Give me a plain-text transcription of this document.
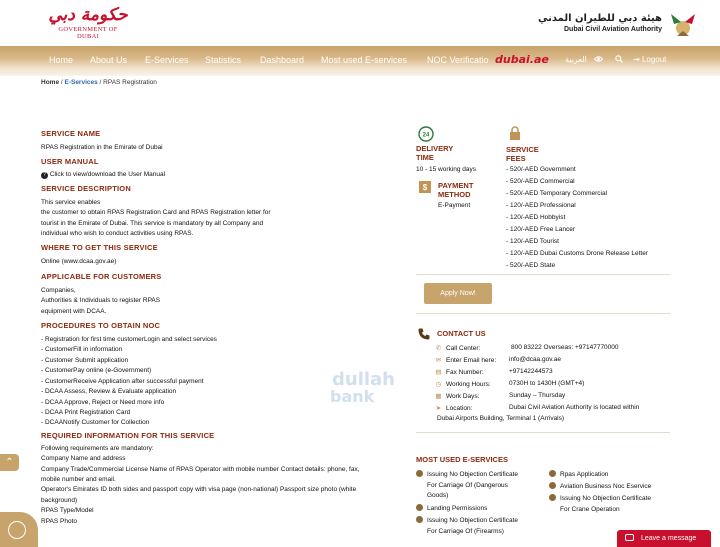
حكومة دبي
GOVERNMENT OF DUBAI
هيئة دبي للطيران المدني
Dubai Civil Aviation Authority
Home About Us E-Services Statistics Dashboard Most used E-services NOC Verificatio dubai.ae العربية	⇥ Logout
Home / E-Services / RPAS Registration
SERVICE NAME
RPAS Registration in the Emirate of Dubai
USER MANUAL
? Click to view/download the User Manual
SERVICE DESCRIPTION
This service enables
the customer to obtain RPAS Registration Card and RPAS Registration letter for
tourist in the Emirate of Dubai. This service is mandatory by all Company and
individual who wish to conduct activities using RPAS.
WHERE TO GET THIS SERVICE
Online (www.dcaa.gov.ae)
APPLICABLE FOR CUSTOMERS
Companies,
Authorities & Individuals to register RPAS
equipment with DCAA.
PROCEDURES TO OBTAIN NOC
- Registration for first time customerLogin and select services
- CustomerFill in information
- Customer Submit application
- CustomerPay online (e-Government)
- CustomerReceive Application after successful payment
- DCAA Assess, Review & Evaluate application
- DCAA Approve, Reject or Need more info
- DCAA Print Registration Card
- DCAANotify Customer for Collection
REQUIRED INFORMATION FOR THIS SERVICE
Following requirements are mandatory:
Company Name and address
Company Trade/Commercial License Name of RPAS Operator with mobile number Contact details: phone, fax,
mobile number and email.
Operator's Emirates ID both sides and passport copy with visa page (non-national) Passport size photo (white
background)
RPAS Type/Model
RPAS Photo
24
DELIVERY
TIME
10 - 15 working days
$ PAYMENT
METHOD
E-Payment
SERVICE
FEES
- 520/-AED Government
- 520/-AED Commercial
- 520/-AED Temporary Commercial
- 120/-AED Professional
- 120/-AED Hobbyist
- 120/-AED Free Lancer
- 120/-AED Tourist
- 120/-AED Dubai Customs Drone Release Letter
- 520/-AED State
Apply Now!
CONTACT US
✆ Call Center:	800 83222 Overseas: +97147770000
✉ Enter Email here: info@dcaa.gov.ae
▤ Fax Number:	+97142244573
◷ Working Hours:	0730H to 1430H (GMT+4)
▦ Work Days:	Sunday – Thursday
➤ Location:	Dubai Civil Aviation Authority is located within
Dubai Airports Building, Terminal 1 (Arrivals)
MOST USED E-SERVICES
Issuing No Objection Certificate
For Carriage Of (Dangerous
Goods)
Landing Permissions
Issuing No Objection Certificate
For Carriage Of (Firearms)
Rpas Application
Aviation Business Noc Eservice
Issuing No Objection Certificate
For Crane Operation
dullah
bank
⌃
Leave a message
